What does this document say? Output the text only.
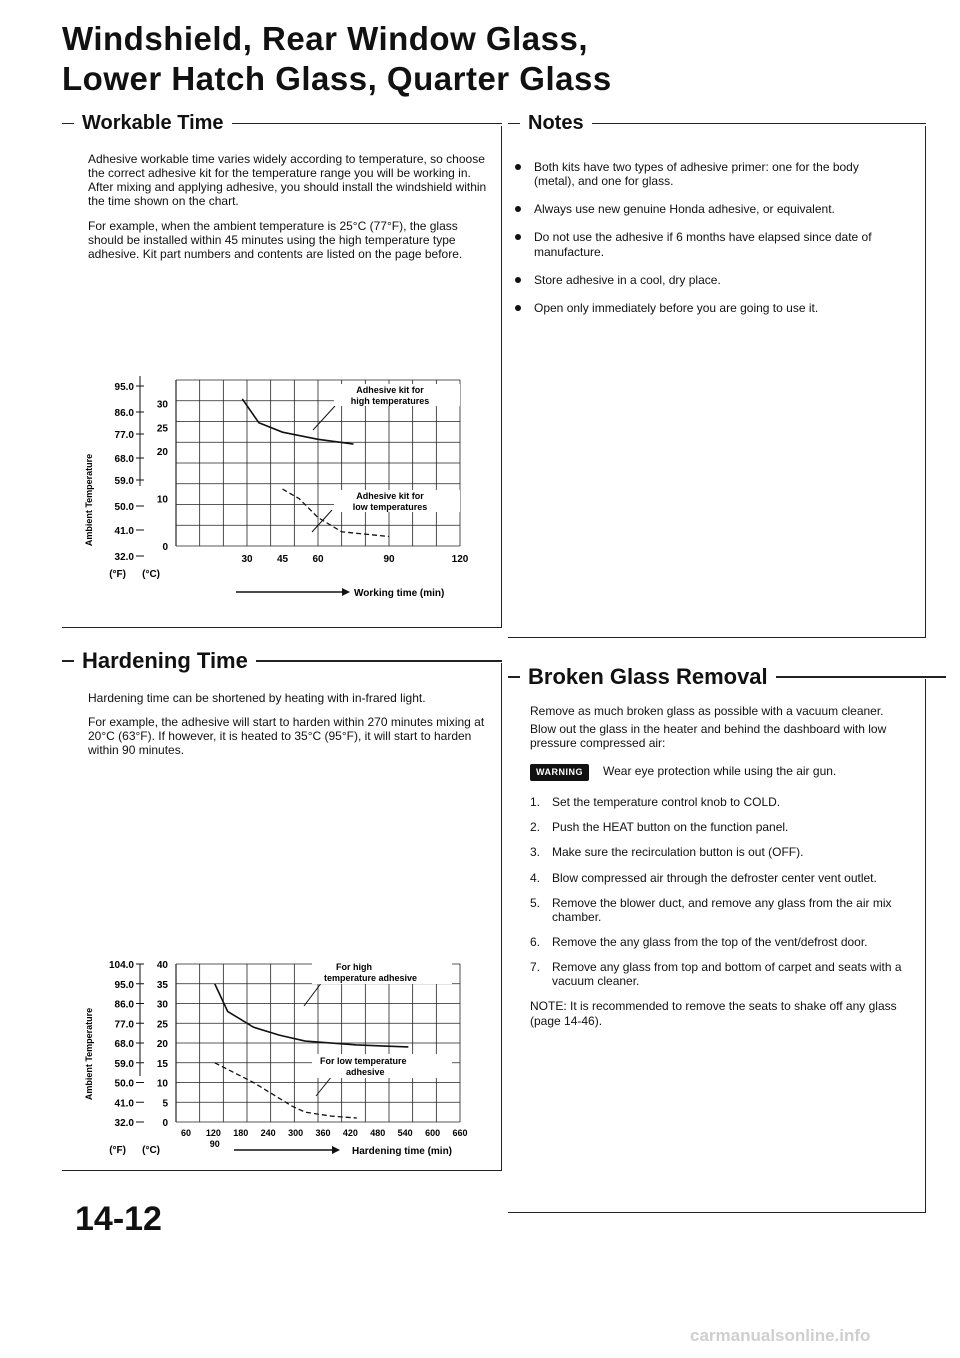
Windshield, Rear Window Glass,
Lower Hatch Glass, Quarter Glass
Workable Time

Adhesive workable time varies widely according to temperature, so choose the correct adhesive kit for the temperature range you will be working in. After mixing and applying adhesive, you should install the windshield within the time shown on the chart.

For example, when the ambient temperature is 25°C (77°F), the glass should be installed within 45 minutes using the high temperature type adhesive. Kit part numbers and contents are listed on the page before.

Ambient Temperature
95.0
86.0
77.0
68.0
59.0
50.0
41.0
32.0
30
25
20
10
0
30 45 60	90	120
(°F) (°C)
Working time (min)
Adhesive kit for
high temperatures
Adhesive kit for
low temperatures
Hardening Time

Hardening time can be shortened by heating with in-frared light.

For example, the adhesive will start to harden within 270 minutes mixing at 20°C (63°F). If however, it is heated to 35°C (95°F), it will start to harden within 90 minutes.

Ambient Temperature
104.0
95.0
86.0
77.0
68.0
59.0
50.0
41.0
32.0
40
35
30
25
20
15
10
5
0
60
90
120 180 240 300 360 420 480 540 600 660
(°F) (°C)	Hardening time (min)
For high
temperature adhesive
For low temperature
adhesive
Notes
Both kits have two types of adhesive primer: one for the body (metal), and one for glass.
Always use new genuine Honda adhesive, or equivalent.
Do not use the adhesive if 6 months have elapsed since date of manufacture.
Store adhesive in a cool, dry place.
Open only immediately before you are going to use it.
Broken Glass Removal

Remove as much broken glass as possible with a vacuum cleaner.

Blow out the glass in the heater and behind the dashboard with low pressure compressed air:

WARNING Wear eye protection while using the air gun.

1. Set the temperature control knob to COLD.
2. Push the HEAT button on the function panel.
3. Make sure the recirculation button is out (OFF).
4. Blow compressed air through the defroster center vent outlet.
5. Remove the blower duct, and remove any glass from the air mix chamber.
6. Remove the any glass from the top of the vent/defrost door.
7. Remove any glass from top and bottom of carpet and seats with a vacuum cleaner.

NOTE: It is recommended to remove the seats to shake off any glass (page 14-46).

14-12
carmanualsonline.info
